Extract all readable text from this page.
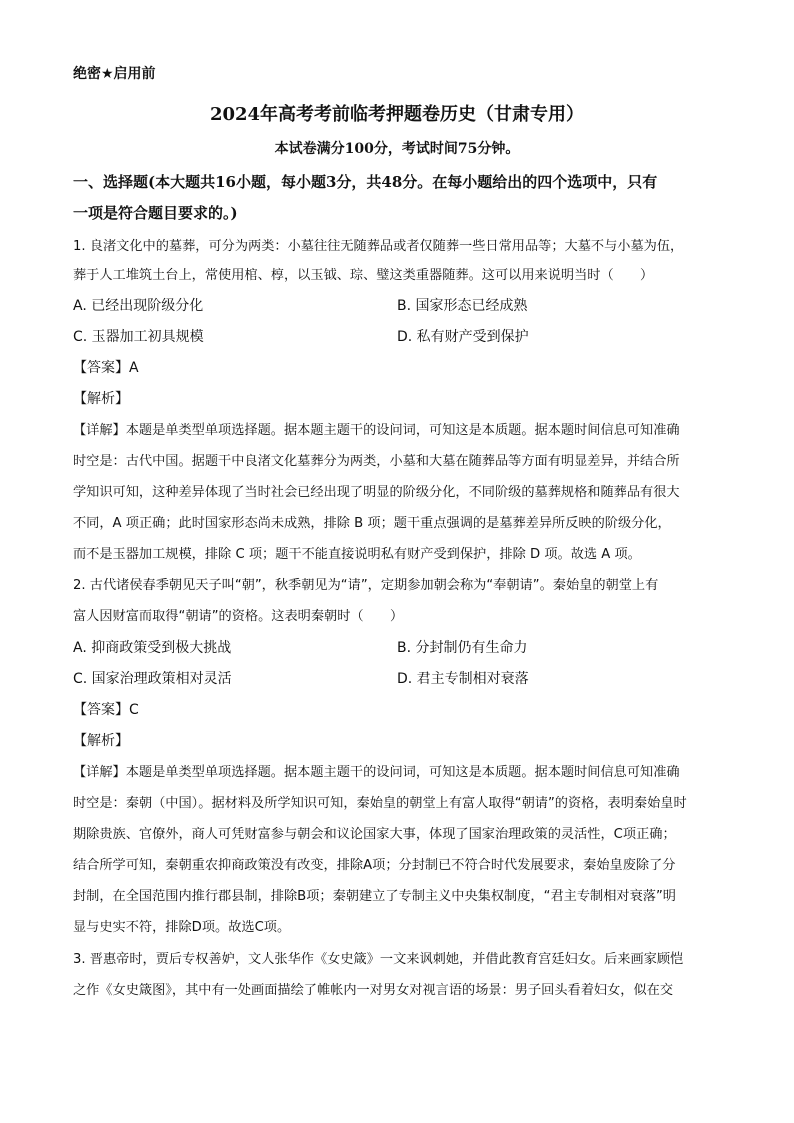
绝密★启用前
2024年高考考前临考押题卷历史（甘肃专用）
本试卷满分100分，考试时间75分钟。
一、选择题(本大题共16小题，每小题3分，共48分。在每小题给出的四个选项中，只有
一项是符合题目要求的。)
1. 良渚文化中的墓葬，可分为两类：小墓往往无随葬品或者仅随葬一些日常用品等；大墓不与小墓为伍，
葬于人工堆筑土台上，常使用棺、椁，以玉钺、琮、璧这类重器随葬。这可以用来说明当时（　　）
A. 已经出现阶级分化	B. 国家形态已经成熟
C. 玉器加工初具规模	D. 私有财产受到保护
【答案】A
【解析】
【详解】本题是单类型单项选择题。据本题主题干的设问词，可知这是本质题。据本题时间信息可知准确
时空是：古代中国。据题干中良渚文化墓葬分为两类，小墓和大墓在随葬品等方面有明显差异，并结合所
学知识可知，这种差异体现了当时社会已经出现了明显的阶级分化，不同阶级的墓葬规格和随葬品有很大
不同，A 项正确；此时国家形态尚未成熟，排除 B 项；题干重点强调的是墓葬差异所反映的阶级分化，
而不是玉器加工规模，排除 C 项；题干不能直接说明私有财产受到保护，排除 D 项。故选 A 项。
2. 古代诸侯春季朝见天子叫“朝”，秋季朝见为“请”，定期参加朝会称为“奉朝请”。秦始皇的朝堂上有
富人因财富而取得“朝请”的资格。这表明秦朝时（　　）
A. 抑商政策受到极大挑战	B. 分封制仍有生命力
C. 国家治理政策相对灵活	D. 君主专制相对衰落
【答案】C
【解析】
【详解】本题是单类型单项选择题。据本题主题干的设问词，可知这是本质题。据本题时间信息可知准确
时空是：秦朝（中国）。据材料及所学知识可知，秦始皇的朝堂上有富人取得“朝请”的资格，表明秦始皇时
期除贵族、官僚外，商人可凭财富参与朝会和议论国家大事，体现了国家治理政策的灵活性，C项正确；
结合所学可知，秦朝重农抑商政策没有改变，排除A项；分封制已不符合时代发展要求，秦始皇废除了分
封制，在全国范围内推行郡县制，排除B项；秦朝建立了专制主义中央集权制度，“君主专制相对衰落”明
显与史实不符，排除D项。故选C项。
3. 晋惠帝时，贾后专权善妒，文人张华作《女史箴》一文来讽刺她，并借此教育宫廷妇女。后来画家顾恺
之作《女史箴图》，其中有一处画面描绘了帷帐内一对男女对视言语的场景：男子回头看着妇女，似在交
